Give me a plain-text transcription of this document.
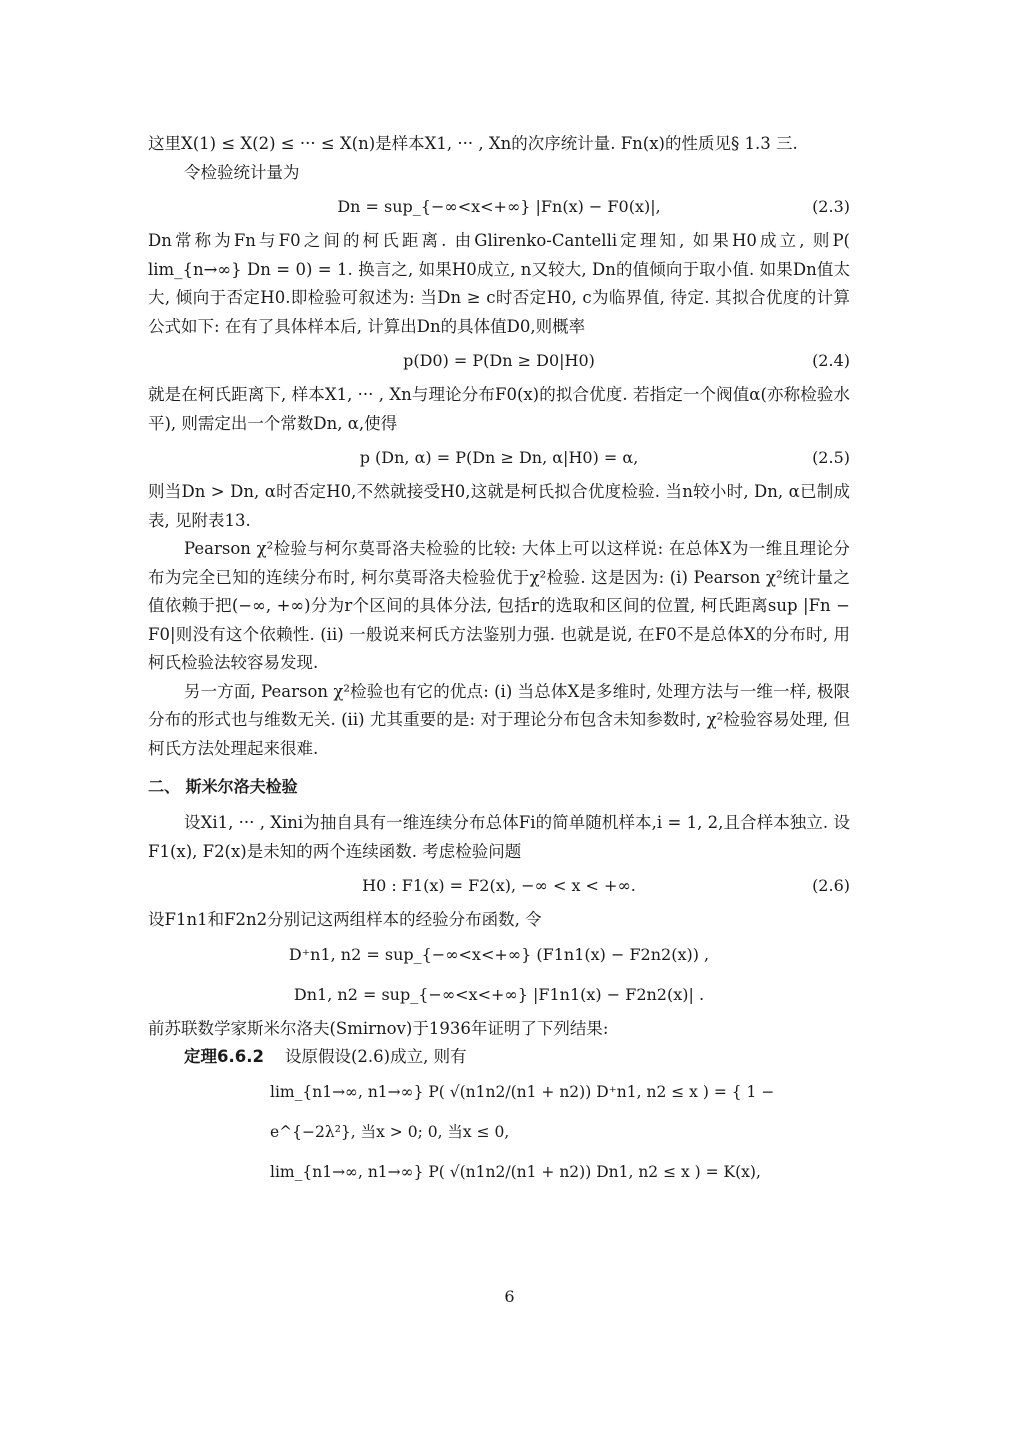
这里X(1) ≤ X(2) ≤ ··· ≤ X(n)是样本X1, ··· , Xn的次序统计量. Fn(x)的性质见§ 1.3 三.

令检验统计量为

Dn = sup_{−∞<x<+∞} |Fn(x) − F0(x)|,	(2.3)

Dn常称为Fn与F0之间的柯氏距离. 由Glirenko-Cantelli定理知, 如果H0成立, 则P( lim_{n→∞} Dn = 0) = 1. 换言之, 如果H0成立, n又较大, Dn的值倾向于取小值. 如果Dn值太大, 倾向于否定H0.即检验可叙述为: 当Dn ≥ c时否定H0, c为临界值, 待定. 其拟合优度的计算公式如下: 在有了具体样本后, 计算出Dn的具体值D0,则概率

p(D0) = P(Dn ≥ D0|H0)	(2.4)

就是在柯氏距离下, 样本X1, ··· , Xn与理论分布F0(x)的拟合优度. 若指定一个阀值α(亦称检验水平), 则需定出一个常数Dn, α,使得

p (Dn, α) = P(Dn ≥ Dn, α|H0) = α,	(2.5)

则当Dn > Dn, α时否定H0,不然就接受H0,这就是柯氏拟合优度检验. 当n较小时, Dn, α已制成表, 见附表13.

Pearson χ²检验与柯尔莫哥洛夫检验的比较: 大体上可以这样说: 在总体X为一维且理论分布为完全已知的连续分布时, 柯尔莫哥洛夫检验优于χ²检验. 这是因为: (i) Pearson χ²统计量之值依赖于把(−∞, +∞)分为r个区间的具体分法, 包括r的选取和区间的位置, 柯氏距离sup |Fn − F0|则没有这个依赖性. (ii) 一般说来柯氏方法鉴别力强. 也就是说, 在F0不是总体X的分布时, 用柯氏检验法较容易发现.

另一方面, Pearson χ²检验也有它的优点: (i) 当总体X是多维时, 处理方法与一维一样, 极限分布的形式也与维数无关. (ii) 尤其重要的是: 对于理论分布包含未知参数时, χ²检验容易处理, 但柯氏方法处理起来很难.

二、 斯米尔洛夫检验

设Xi1, ··· , Xini为抽自具有一维连续分布总体Fi的简单随机样本,i = 1, 2,且合样本独立. 设F1(x), F2(x)是未知的两个连续函数. 考虑检验问题

H0 : F1(x) = F2(x), −∞ < x < +∞.	(2.6)

设F1n1和F2n2分别记这两组样本的经验分布函数, 令

D⁺n1, n2 = sup_{−∞<x<+∞} (F1n1(x) − F2n2(x)) ,
Dn1, n2 = sup_{−∞<x<+∞} |F1n1(x) − F2n2(x)| .

前苏联数学家斯米尔洛夫(Smirnov)于1936年证明了下列结果:

定理6.6.2 设原假设(2.6)成立, 则有

lim_{n1→∞, n1→∞} P( √(n1n2/(n1 + n2)) D⁺n1, n2 ≤ x ) = { 1 − e^{−2λ²}, 当x > 0; 0, 当x ≤ 0,
lim_{n1→∞, n1→∞} P( √(n1n2/(n1 + n2)) Dn1, n2 ≤ x ) = K(x),
6
